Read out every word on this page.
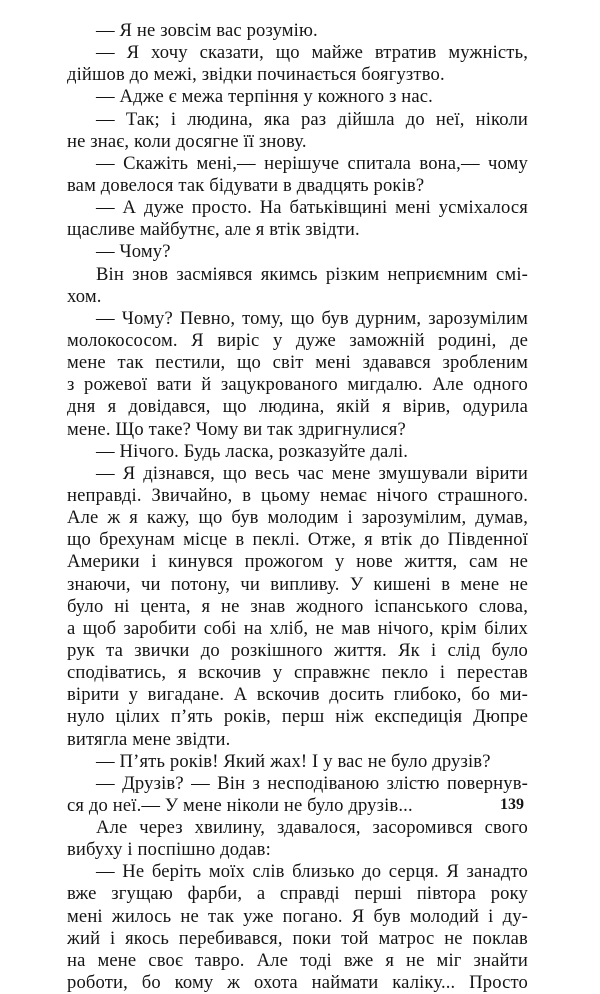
— Я не зовсім вас розумію.
— Я хочу сказати, що майже втратив мужність,
дійшов до межі, звідки починається боягузтво.
— Адже є межа терпіння у кожного з нас.
— Так; і людина, яка раз дійшла до неї, ніколи
не знає, коли досягне її знову.
— Скажіть мені,— нерішуче спитала вона,— чому
вам довелося так бідувати в двадцять років?
— А дуже просто. На батьківщині мені усміхалося
щасливе майбутнє, але я втік звідти.
— Чому?
Він знов засміявся якимсь різким неприємним смі-
хом.
— Чому? Певно, тому, що був дурним, зарозумілим
молокососом. Я виріс у дуже заможній родині, де
мене так пестили, що світ мені здавався зробленим
з рожевої вати й зацукрованого мигдалю. Але одного
дня я довідався, що людина, якій я вірив, одурила
мене. Що таке? Чому ви так здригнулися?
— Нічого. Будь ласка, розказуйте далі.
— Я дізнався, що весь час мене змушували вірити
неправді. Звичайно, в цьому немає нічого страшного.
Але ж я кажу, що був молодим і зарозумілим, думав,
що брехунам місце в пеклі. Отже, я втік до Південної
Америки і кинувся прожогом у нове життя, сам не
знаючи, чи потону, чи випливу. У кишені в мене не
було ні цента, я не знав жодного іспанського слова,
а щоб заробити собі на хліб, не мав нічого, крім білих
рук та звички до розкішного життя. Як і слід було
сподіватись, я вскочив у справжнє пекло і перестав
вірити у вигадане. А вскочив досить глибоко, бо ми-
нуло цілих п’ять років, перш ніж експедиція Дюпре
витягла мене звідти.
— П’ять років! Який жах! І у вас не було друзів?
— Друзів? — Він з несподіваною злістю повернув-
ся до неї.— У мене ніколи не було друзів...
Але через хвилину, здавалося, засоромився свого
вибуху і поспішно додав:
— Не беріть моїх слів близько до серця. Я занадто
вже згущаю фарби, а справді перші півтора року
мені жилось не так уже погано. Я був молодий і ду-
жий і якось перебивався, поки той матрос не поклав
на мене своє тавро. Але тоді вже я не міг знайти
роботи, бо кому ж охота наймати каліку... Просто
139
